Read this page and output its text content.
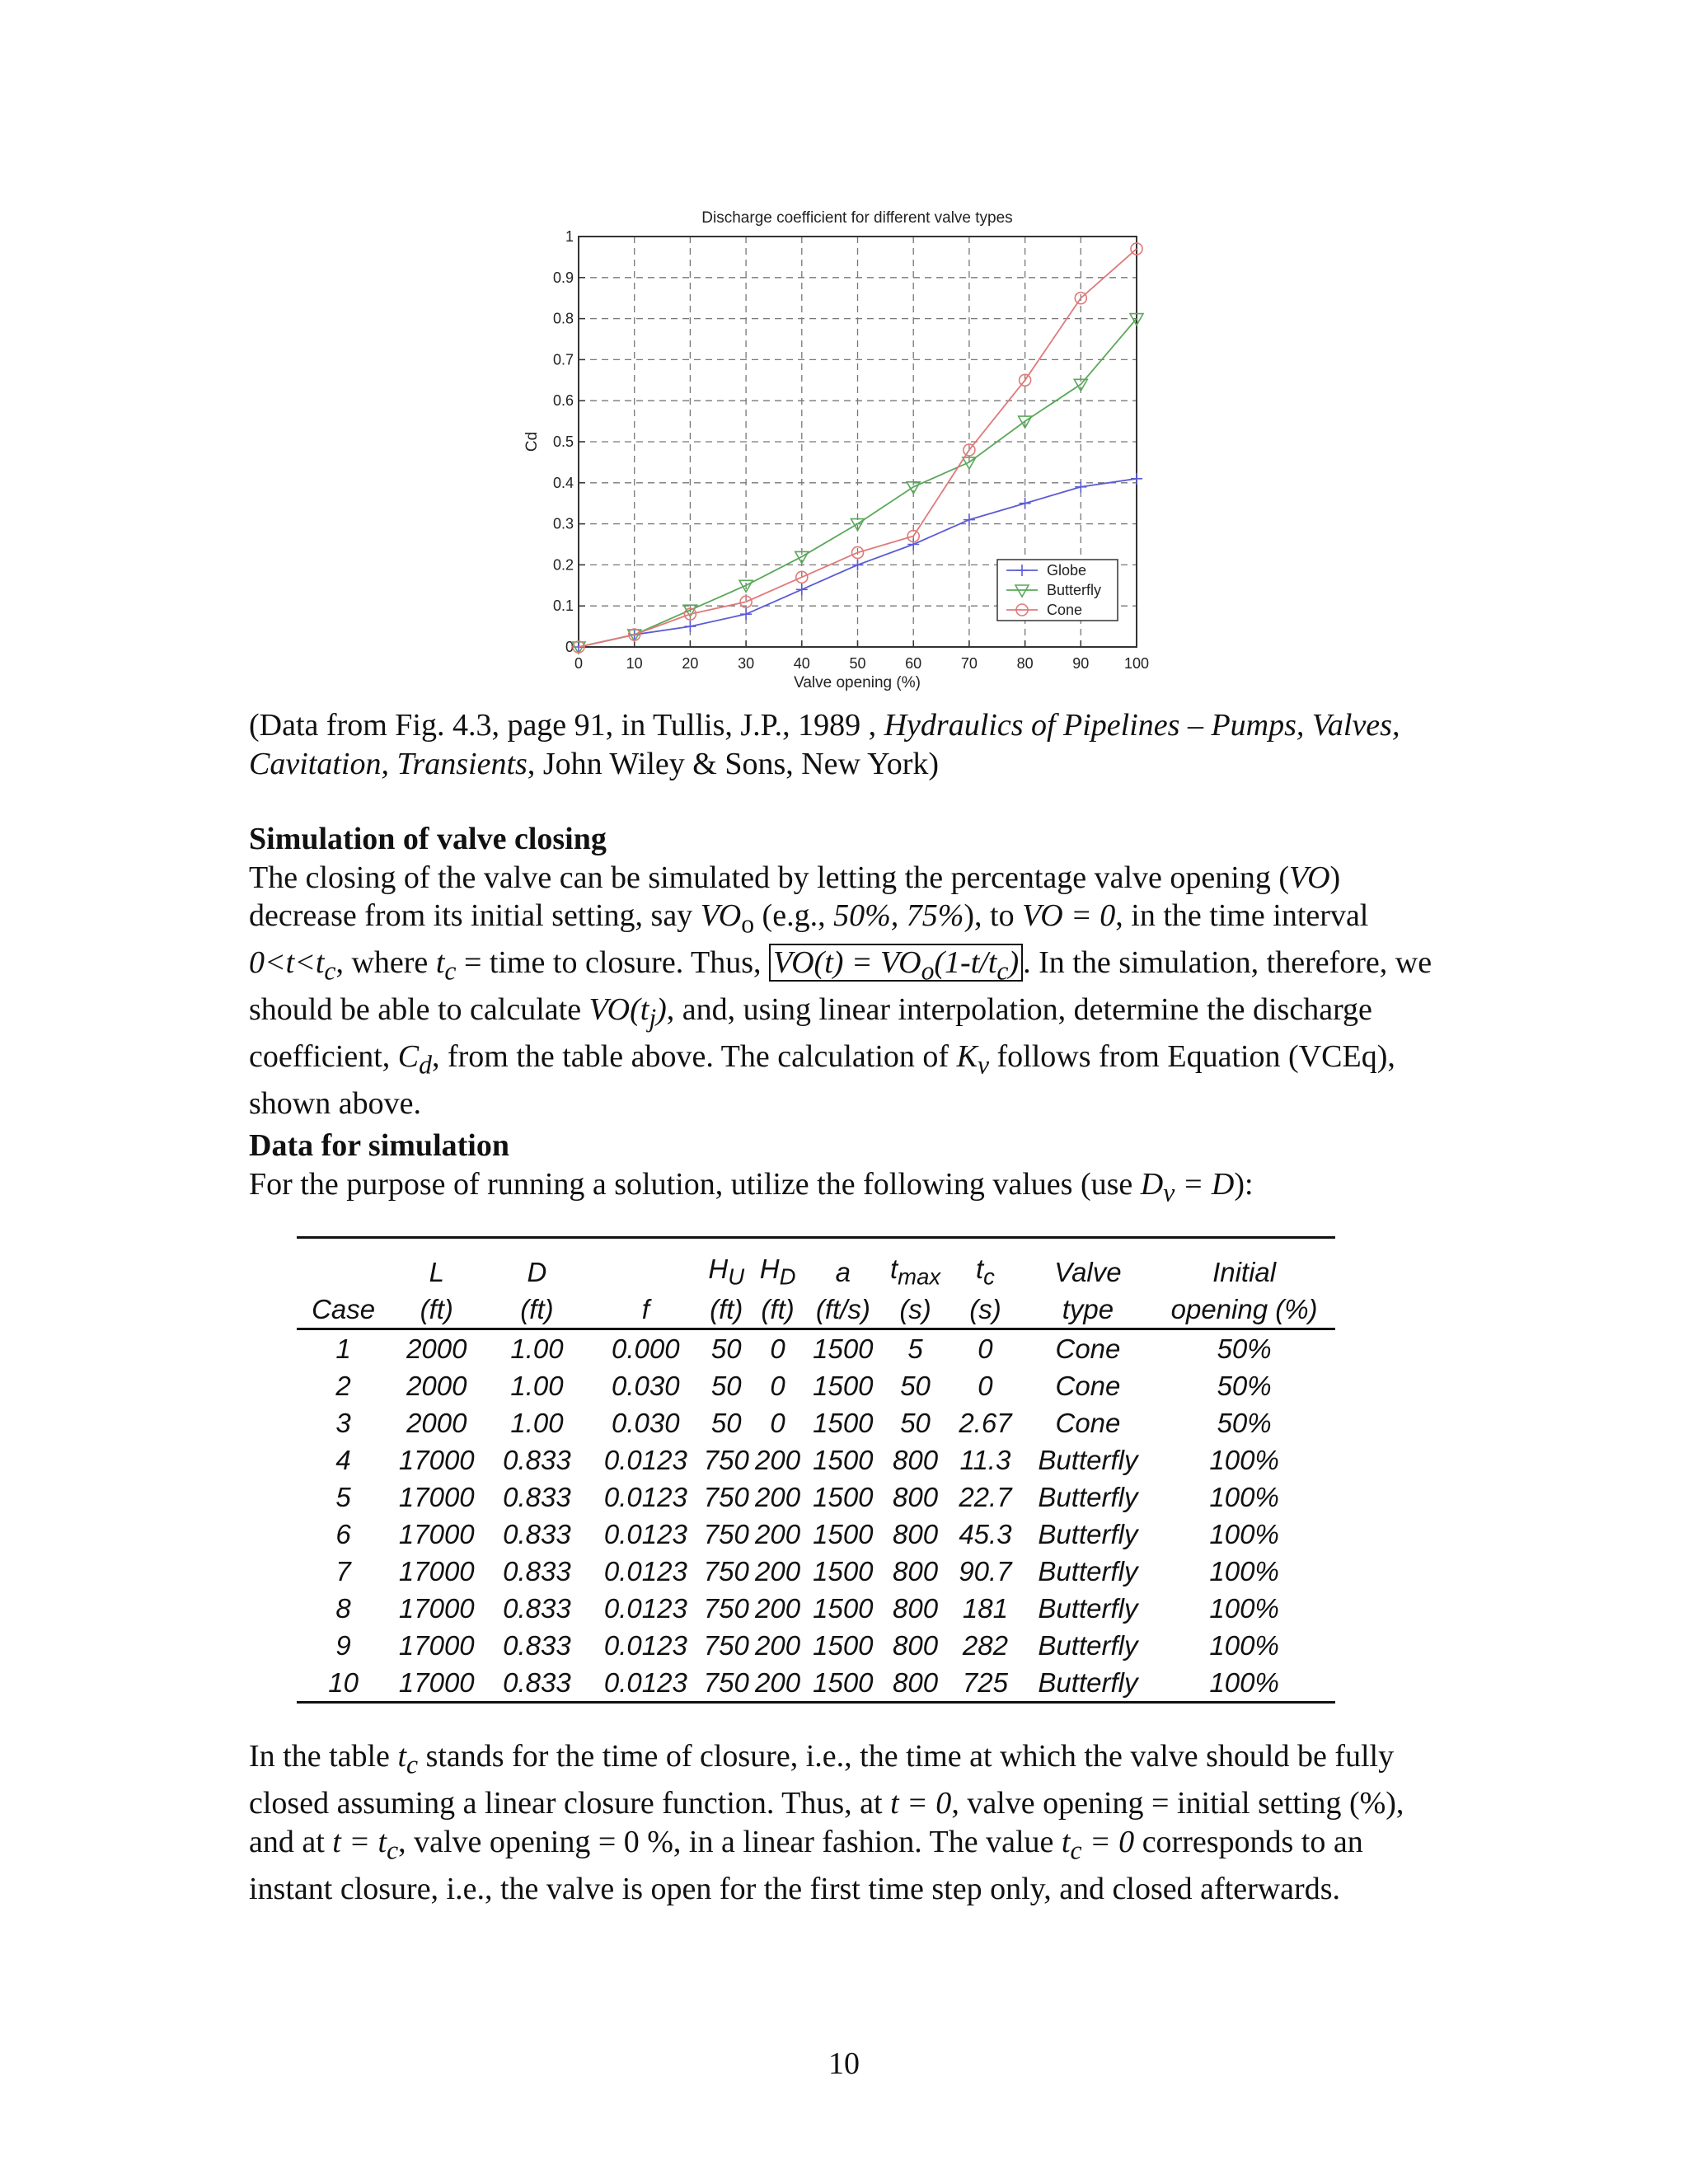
0	10	20	30	40	50	60	70	80	90 100
0
0.1
0.2
0.3
0.4
0.5
0.6
0.7
0.8
0.9
1
Discharge coefficient for different valve types
Valve opening (%)
Cd
Globe
Butterfly
Cone
(Data from Fig. 4.3, page 91, in Tullis, J.P., 1989 , Hydraulics of Pipelines – Pumps, Valves, Cavitation, Transients, John Wiley & Sons, New York)
Simulation of valve closing
The closing of the valve can be simulated by letting the percentage valve opening (VO) decrease from its initial setting, say $VO_o$ (e.g., 50%, 75%), to VO = 0, in the time interval $0<t<t_c$, where $t_c$ = time to closure. Thus, $VO(t) = VO_o(1-t/t_c)$ . In the simulation, therefore, we should be able to calculate $VO(t_j)$, and, using linear interpolation, determine the discharge coefficient, $C_d$, from the table above. The calculation of $K_v$ follows from Equation (VCEq), shown above.
Data for simulation
For the purpose of running a solution, utilize the following values (use $D_v = D$):
	L	D		$H_U$	$H_D$	a	$t_{max}$	$t_c$	Valve	Initial
Case	(ft)	(ft)	f	(ft)	(ft)	(ft/s)	(s)	(s)	type	opening (%)
1	2000	1.00	0.000	50	0	1500	5	0	Cone	50%
2	2000	1.00	0.030	50	0	1500	50	0	Cone	50%
3	2000	1.00	0.030	50	0	1500	50	2.67	Cone	50%
4	17000	0.833	0.0123	750	200	1500	800	11.3	Butterfly	100%
5	17000	0.833	0.0123	750	200	1500	800	22.7	Butterfly	100%
6	17000	0.833	0.0123	750	200	1500	800	45.3	Butterfly	100%
7	17000	0.833	0.0123	750	200	1500	800	90.7	Butterfly	100%
8	17000	0.833	0.0123	750	200	1500	800	181	Butterfly	100%
9	17000	0.833	0.0123	750	200	1500	800	282	Butterfly	100%
10	17000	0.833	0.0123	750	200	1500	800	725	Butterfly	100%
In the table $t_c$ stands for the time of closure, i.e., the time at which the valve should be fully closed assuming a linear closure function. Thus, at t = 0, valve opening = initial setting (%), and at $t = t_c$, valve opening = 0 %, in a linear fashion. The value $t_c = 0$ corresponds to an instant closure, i.e., the valve is open for the first time step only, and closed afterwards.
10
